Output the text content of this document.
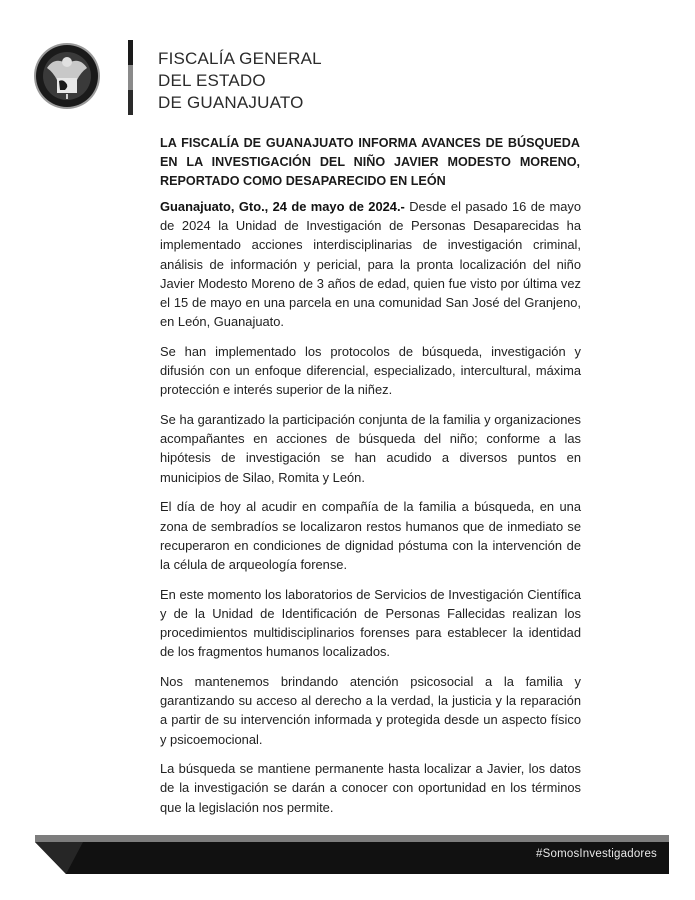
FISCALÍA GENERAL
DEL ESTADO
DE GUANAJUATO
LA FISCALÍA DE GUANAJUATO INFORMA AVANCES DE BÚSQUEDA EN LA INVESTIGACIÓN DEL NIÑO JAVIER MODESTO MORENO, REPORTADO COMO DESAPARECIDO EN LEÓN

Guanajuato, Gto., 24 de mayo de 2024.- Desde el pasado 16 de mayo de 2024 la Unidad de Investigación de Personas Desaparecidas ha implementado acciones interdisciplinarias de investigación criminal, análisis de información y pericial, para la pronta localización del niño Javier Modesto Moreno de 3 años de edad, quien fue visto por última vez el 15 de mayo en una parcela en una comunidad San José del Granjeno, en León, Guanajuato.

Se han implementado los protocolos de búsqueda, investigación y difusión con un enfoque diferencial, especializado, intercultural, máxima protección e interés superior de la niñez.

Se ha garantizado la participación conjunta de la familia y organizaciones acompañantes en acciones de búsqueda del niño; conforme a las hipótesis de investigación se han acudido a diversos puntos en municipios de Silao, Romita y León.

El día de hoy al acudir en compañía de la familia a búsqueda, en una zona de sembradíos se localizaron restos humanos que de inmediato se recuperaron en condiciones de dignidad póstuma con la intervención de la célula de arqueología forense.

En este momento los laboratorios de Servicios de Investigación Científica y de la Unidad de Identificación de Personas Fallecidas realizan los procedimientos multidisciplinarios forenses para establecer la identidad de los fragmentos humanos localizados.

Nos mantenemos brindando atención psicosocial a la familia y garantizando su acceso al derecho a la verdad, la justicia y la reparación a partir de su intervención informada y protegida desde un aspecto físico y psicoemocional.

La búsqueda se mantiene permanente hasta localizar a Javier, los datos de la investigación se darán a conocer con oportunidad en los términos que la legislación nos permite.

#SomosInvestigadores
